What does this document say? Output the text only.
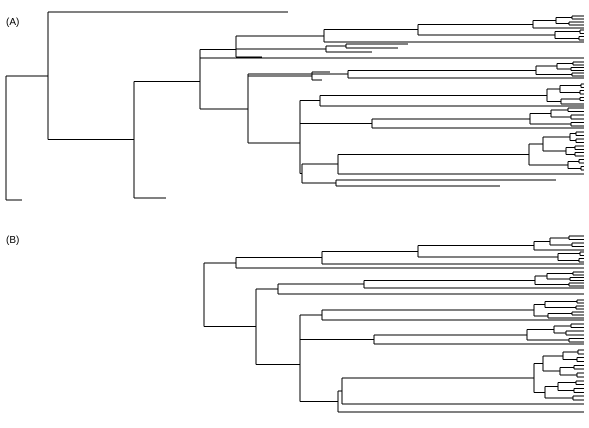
(A)
(B)
